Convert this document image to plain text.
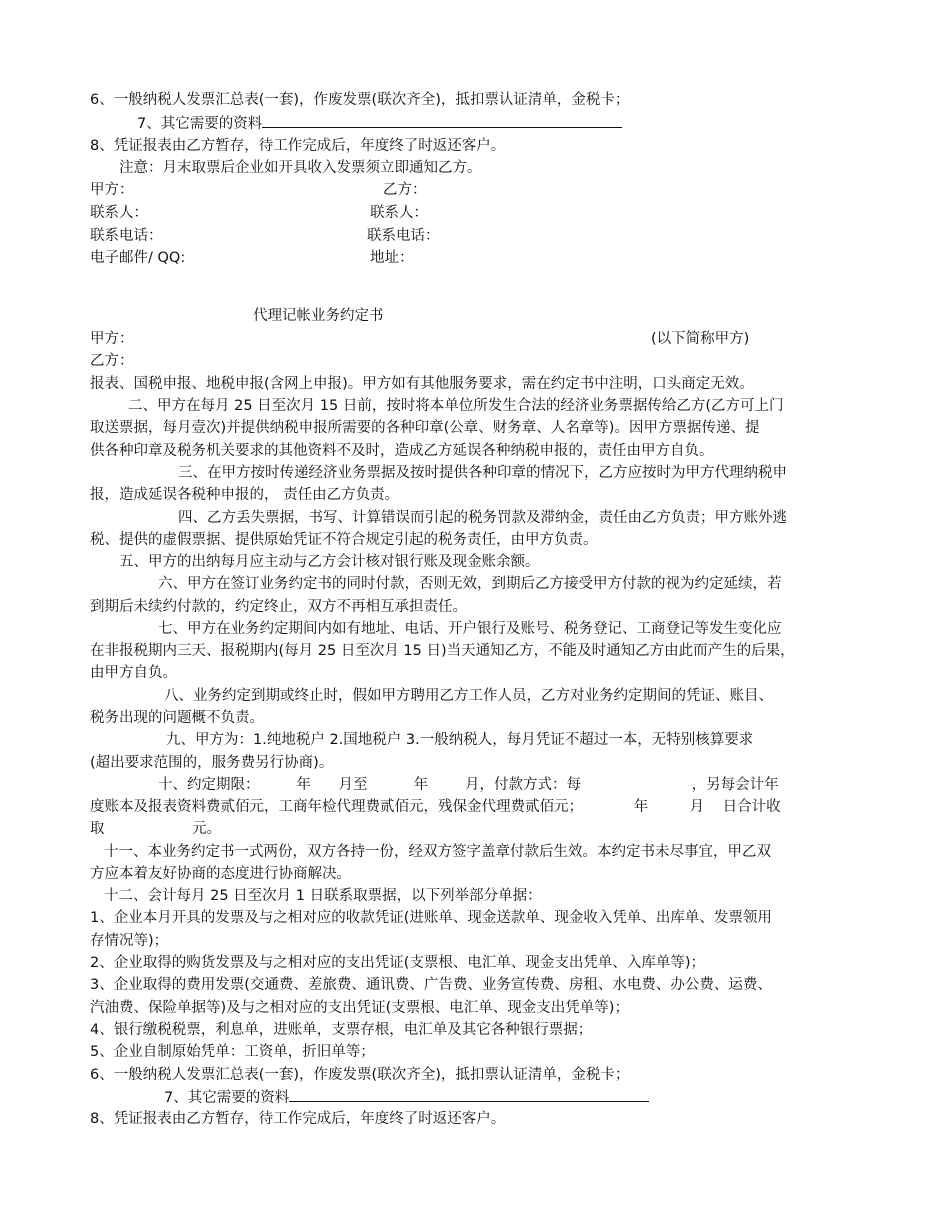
6、一般纳税人发票汇总表(一套)，作废发票(联次齐全)，抵扣票认证清单，金税卡；
7、其它需要的资料
8、凭证报表由乙方暂存，待工作完成后，年度终了时返还客户。
注意：月末取票后企业如开具收入发票须立即通知乙方。
甲方：	乙方：
联系人：	联系人：
联系电话：	联系电话：
电子邮件/ QQ:	地址：
代理记帐业务约定书
甲方：	(以下简称甲方)
乙方：
报表、国税申报、地税申报(含网上申报)。甲方如有其他服务要求，需在约定书中注明，口头商定无效。
二、甲方在每月 25 日至次月 15 日前，按时将本单位所发生合法的经济业务票据传给乙方(乙方可上门
取送票据，每月壹次)并提供纳税申报所需要的各种印章(公章、财务章、人名章等)。因甲方票据传递、提
供各种印章及税务机关要求的其他资料不及时，造成乙方延误各种纳税申报的，责任由甲方自负。
三、在甲方按时传递经济业务票据及按时提供各种印章的情况下，乙方应按时为甲方代理纳税申
报，造成延误各税种申报的， 责任由乙方负责。
四、乙方丢失票据，书写、计算错误而引起的税务罚款及滞纳金，责任由乙方负责；甲方账外逃
税、提供的虚假票据、提供原始凭证不符合规定引起的税务责任，由甲方负责。
五、甲方的出纳每月应主动与乙方会计核对银行账及现金账余额。
六、甲方在签订业务约定书的同时付款，否则无效，到期后乙方接受甲方付款的视为约定延续，若
到期后未续约付款的，约定终止，双方不再相互承担责任。
七、甲方在业务约定期间内如有地址、电话、开户银行及账号、税务登记、工商登记等发生变化应
在非报税期内三天、报税期内(每月 25 日至次月 15 日)当天通知乙方，不能及时通知乙方由此而产生的后果，
由甲方自负。
八、业务约定到期或终止时，假如甲方聘用乙方工作人员，乙方对业务约定期间的凭证、账目、
税务出现的问题概不负责。
九、甲方为：1.纯地税户 2.国地税户 3.一般纳税人，每月凭证不超过一本，无特别核算要求
(超出要求范围的，服务费另行协商)。
十、约定期限：        年      月至          年        月，付款方式：每                        ，另每会计年
度账本及报表资料费贰佰元，工商年检代理费贰佰元，残保金代理费贰佰元；           年         月    日合计收
取                   元。
十一、本业务约定书一式两份，双方各持一份，经双方签字盖章付款后生效。本约定书未尽事宜，甲乙双
方应本着友好协商的态度进行协商解决。
十二、会计每月 25 日至次月 1 日联系取票据，以下列举部分单据：
1、企业本月开具的发票及与之相对应的收款凭证(进账单、现金送款单、现金收入凭单、出库单、发票领用
存情况等)；
2、企业取得的购货发票及与之相对应的支出凭证(支票根、电汇单、现金支出凭单、入库单等)；
3、企业取得的费用发票(交通费、差旅费、通讯费、广告费、业务宣传费、房租、水电费、办公费、运费、
汽油费、保险单据等)及与之相对应的支出凭证(支票根、电汇单、现金支出凭单等)；
4、银行缴税税票，利息单，进账单，支票存根，电汇单及其它各种银行票据；
5、企业自制原始凭单：工资单，折旧单等；
6、一般纳税人发票汇总表(一套)，作废发票(联次齐全)，抵扣票认证清单，金税卡；
7、其它需要的资料
8、凭证报表由乙方暂存，待工作完成后，年度终了时返还客户。
